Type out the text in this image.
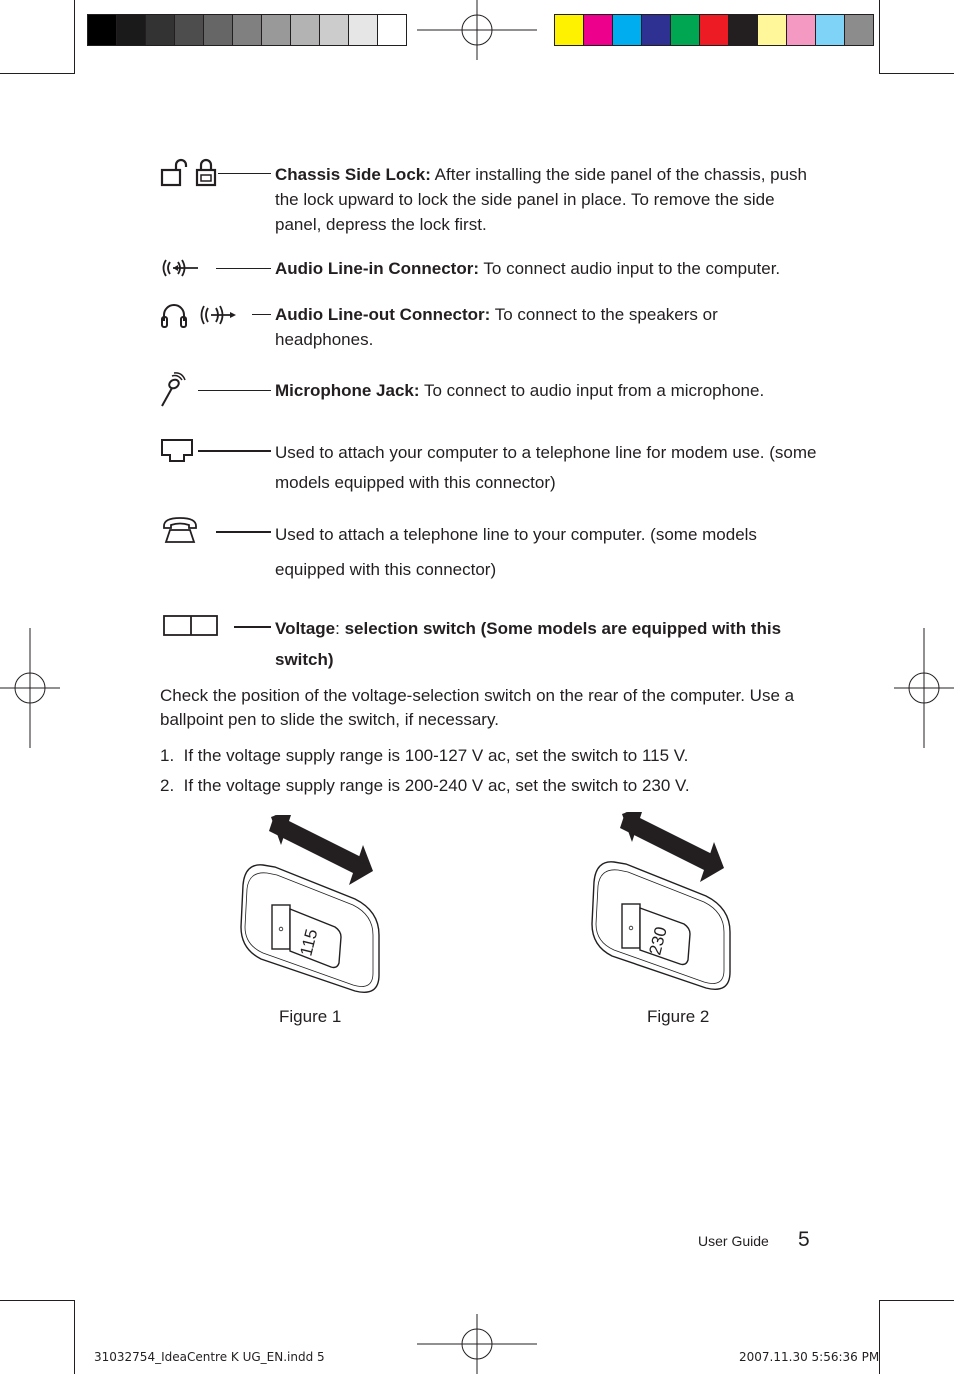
Chassis Side Lock: After installing the side panel of the chassis, push the lock upward to lock the side panel in place. To remove the side panel, depress the lock first.
Audio Line-in Connector: To connect audio input to the computer.
Audio Line-out Connector: To connect to the speakers or headphones.
Microphone Jack: To connect to audio input from a microphone.
Used to attach your computer to a telephone line for modem use. (some models equipped with this connector)
Used to attach a telephone line to your computer. (some models equipped with this connector)
Voltage: selection switch (Some models are equipped with this switch)
Check the position of the voltage-selection switch on the rear of the computer. Use a ballpoint pen to slide the switch, if necessary.
1. If the voltage supply range is 100-127 V ac, set the switch to 115 V.
2. If the voltage supply range is 200-240 V ac, set the switch to 230 V.
115
Figure 1
230
Figure 2
User Guide 5
31032754_IdeaCentre K UG_EN.indd 5	2007.11.30 5:56:36 PM
